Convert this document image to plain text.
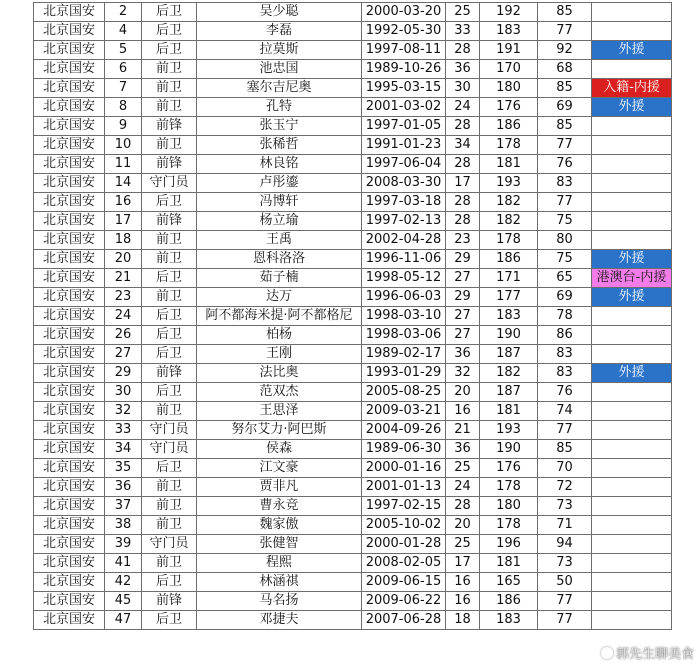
北京国安	2	后卫	吴少聪	2000-03-20	25	192	85	
北京国安	4	后卫	李磊	1992-05-30	33	183	77	
北京国安	5	后卫	拉莫斯	1997-08-11	28	191	92	外援
北京国安	6	前卫	池忠国	1989-10-26	36	170	68	
北京国安	7	前卫	塞尔吉尼奥	1995-03-15	30	180	85	入籍-内援
北京国安	8	前卫	孔特	2001-03-02	24	176	69	外援
北京国安	9	前锋	张玉宁	1997-01-05	28	186	85	
北京国安	10	前卫	张稀哲	1991-01-23	34	178	77	
北京国安	11	前锋	林良铭	1997-06-04	28	181	76	
北京国安	14	守门员	卢彤鎏	2008-03-30	17	193	83	
北京国安	16	后卫	冯博轩	1997-03-18	28	182	77	
北京国安	17	前锋	杨立瑜	1997-02-13	28	182	75	
北京国安	18	前卫	王禹	2002-04-28	23	178	80	
北京国安	20	前卫	恩科洛洛	1996-11-06	29	186	75	外援
北京国安	21	后卫	茹子楠	1998-05-12	27	171	65	港澳台-内援
北京国安	23	前卫	达万	1996-06-03	29	177	69	外援
北京国安	24	后卫	阿不都海米提·阿不都格尼	1998-03-10	27	183	78	
北京国安	26	后卫	柏杨	1998-03-06	27	190	86	
北京国安	27	后卫	王刚	1989-02-17	36	187	83	
北京国安	29	前锋	法比奥	1993-01-29	32	182	83	外援
北京国安	30	后卫	范双杰	2005-08-25	20	187	76	
北京国安	32	前卫	王思泽	2009-03-21	16	181	74	
北京国安	33	守门员	努尔艾力·阿巴斯	2004-09-26	21	193	77	
北京国安	34	守门员	侯森	1989-06-30	36	190	85	
北京国安	35	后卫	江文豪	2000-01-16	25	176	70	
北京国安	36	前卫	贾非凡	2001-01-13	24	178	72	
北京国安	37	前卫	曹永竞	1997-02-15	28	180	73	
北京国安	38	前卫	魏家傲	2005-10-02	20	178	71	
北京国安	39	守门员	张健智	2000-01-28	25	196	94	
北京国安	41	前卫	程熙	2008-02-05	17	181	73	
北京国安	42	后卫	林涵祺	2009-06-15	16	165	50	
北京国安	45	前锋	马名扬	2009-06-22	16	186	77	
北京国安	47	后卫	邓捷夫	2007-06-28	18	183	77	
郭先生聊美食
